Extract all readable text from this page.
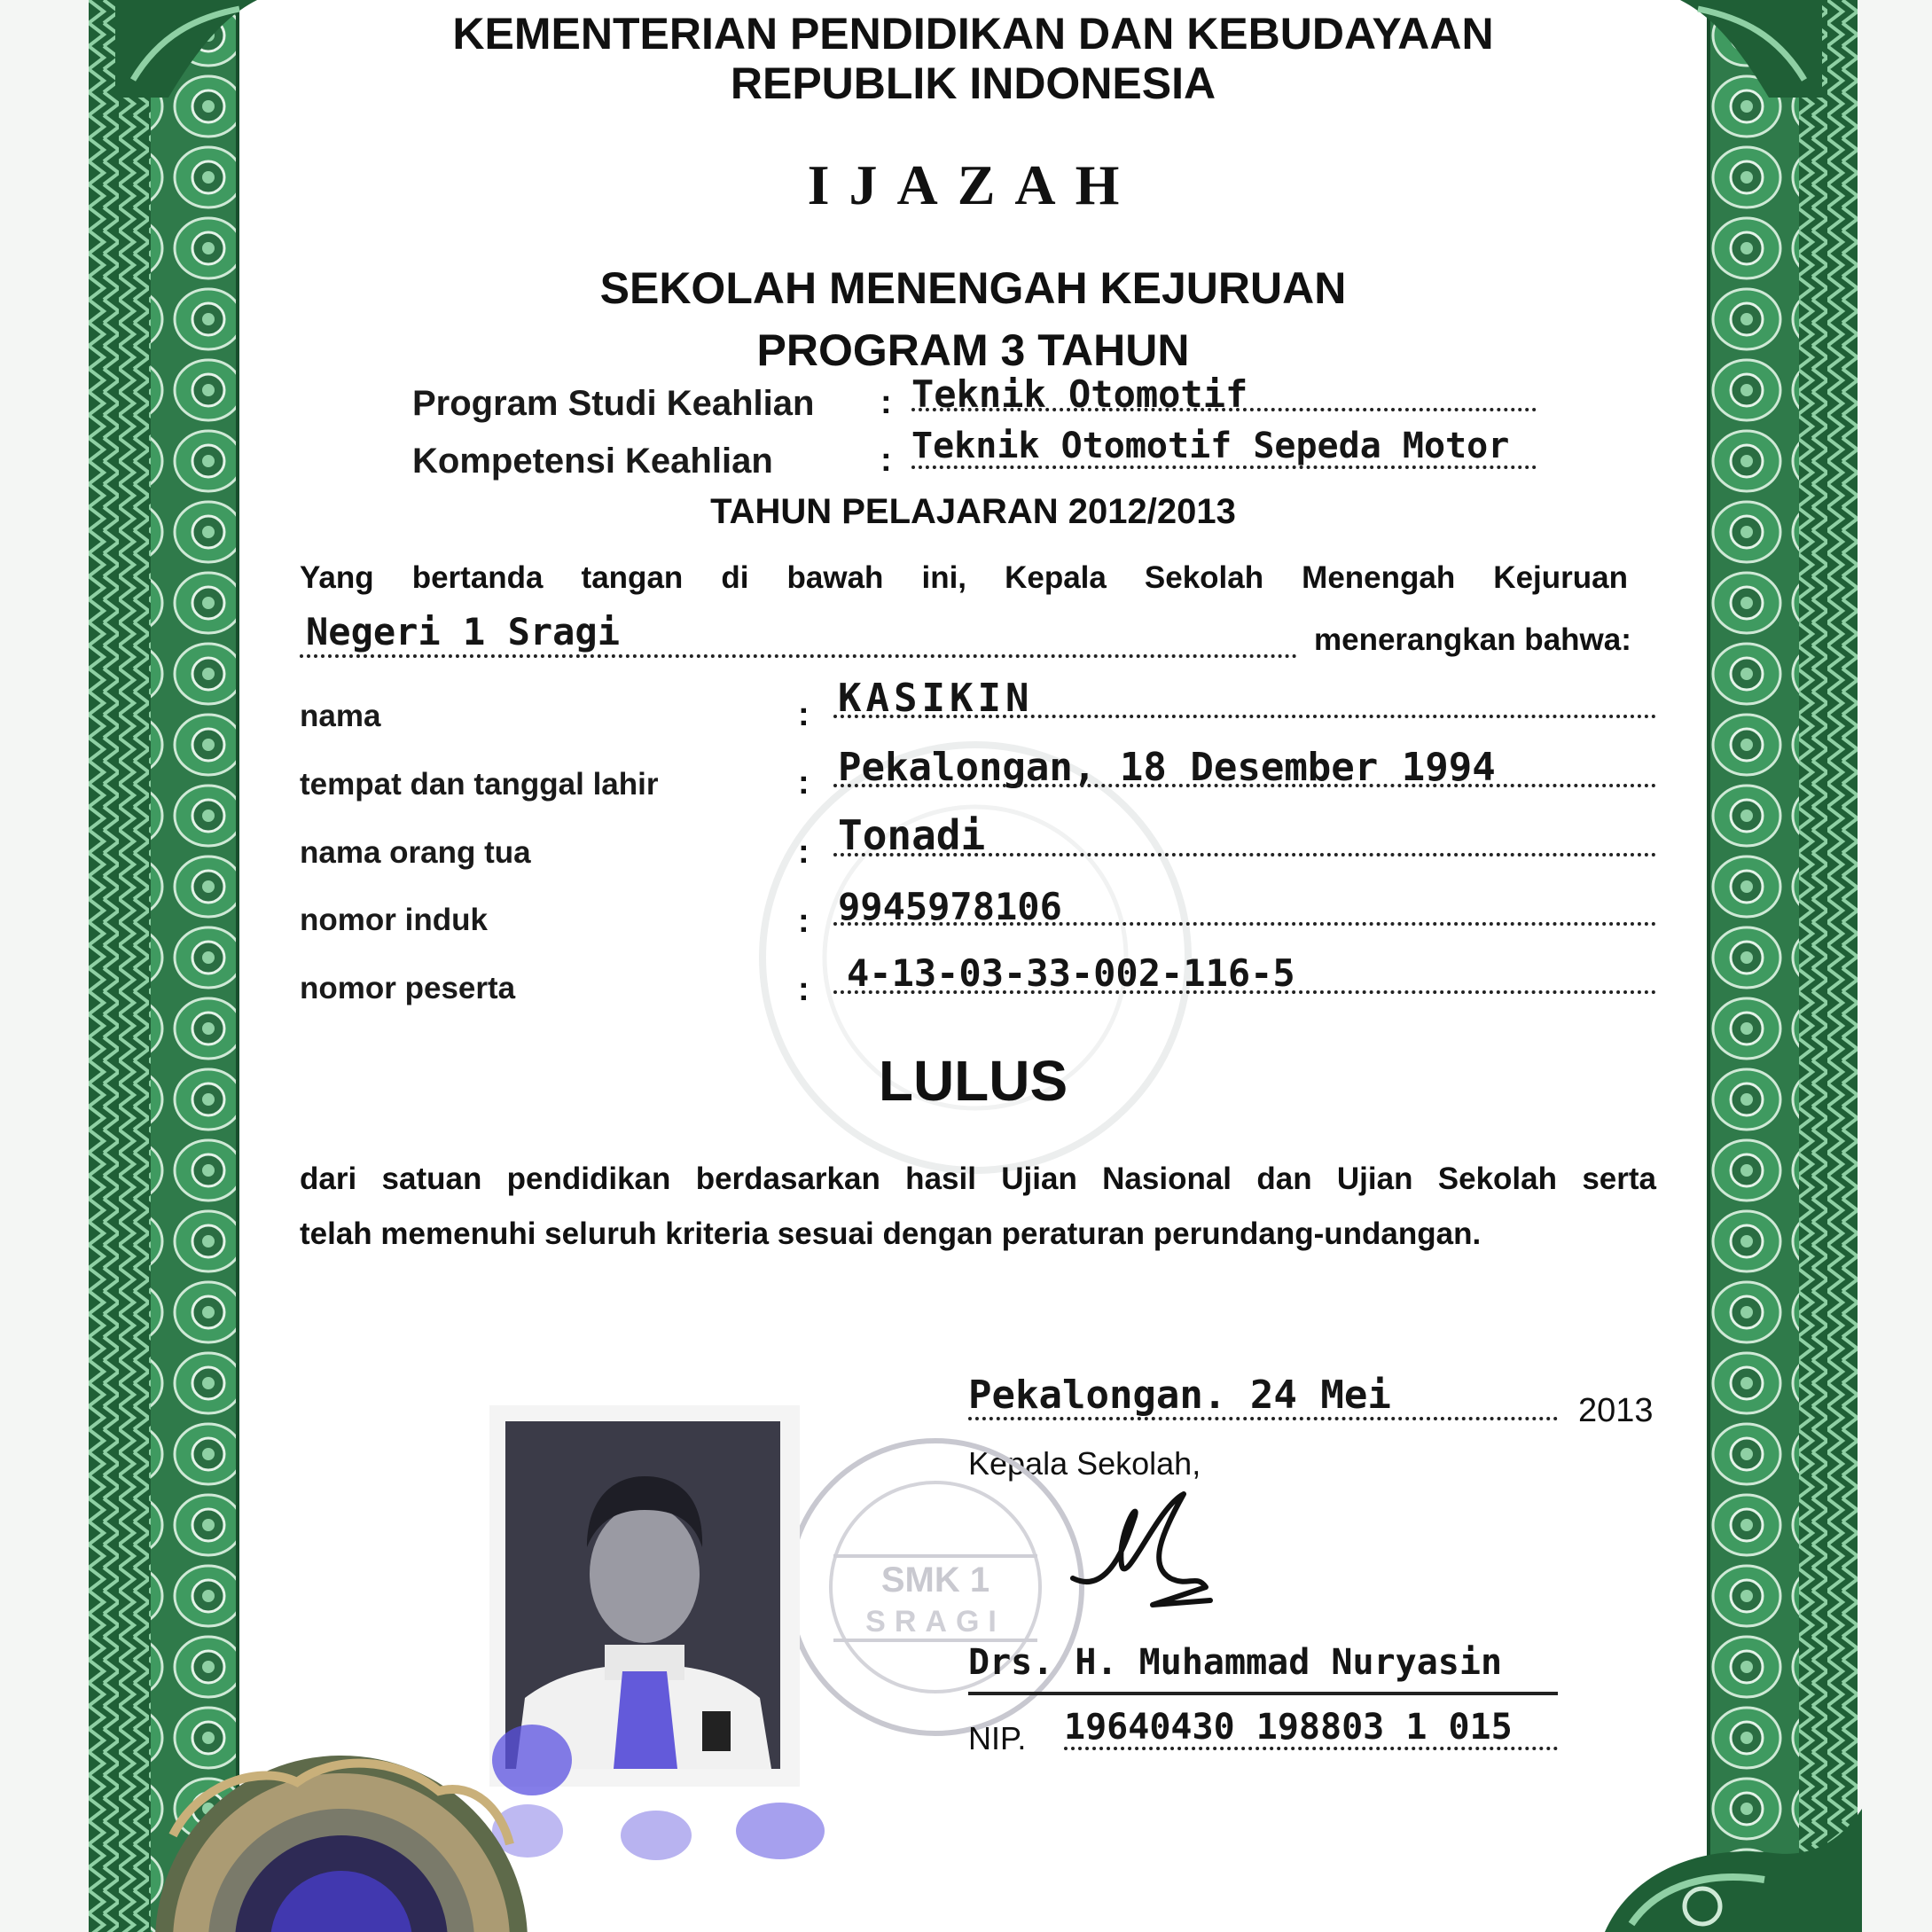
KEMENTERIAN PENDIDIKAN DAN KEBUDAYAAN
REPUBLIK INDONESIA
IJAZAH
SEKOLAH MENENGAH KEJURUAN
PROGRAM 3 TAHUN
Program Studi Keahlian : Teknik Otomotif
Kompetensi Keahlian	: Teknik Otomotif Sepeda Motor
TAHUN PELAJARAN 2012/2013
Yang bertanda tangan di bawah ini, Kepala Sekolah Menengah Kejuruan
Negeri 1 Sragi	menerangkan bahwa:
nama	: KASIKIN
tempat dan tanggal lahir	: Pekalongan, 18 Desember 1994
nama orang tua	: Tonadi
nomor induk	: 9945978106
nomor peserta	: 4-13-03-33-002-116-5
LULUS
dari satuan pendidikan berdasarkan hasil Ujian Nasional dan Ujian Sekolah serta
telah memenuhi seluruh kriteria sesuai dengan peraturan perundang-undangan.
Pekalongan. 24 Mei	2013
Kepala Sekolah,
SMK 1
SRAGI
Drs. H. Muhammad Nuryasin
NIP. 19640430 198803 1 015
